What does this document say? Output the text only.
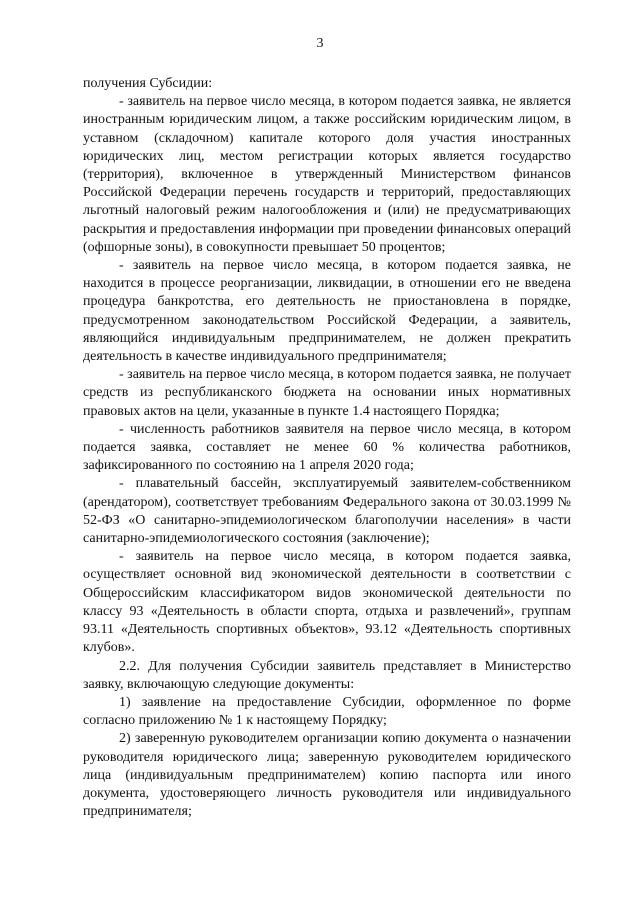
3

получения Субсидии:

- заявитель на первое число месяца, в котором подается заявка, не является иностранным юридическим лицом, а также российским юридическим лицом, в уставном (складочном) капитале которого доля участия иностранных юридических лиц, местом регистрации которых является государство (территория), включенное в утвержденный Министерством финансов Российской Федерации перечень государств и территорий, предоставляющих льготный налоговый режим налогообложения и (или) не предусматривающих раскрытия и предоставления информации при проведении финансовых операций (офшорные зоны), в совокупности превышает 50 процентов;

- заявитель на первое число месяца, в котором подается заявка, не находится в процессе реорганизации, ликвидации, в отношении его не введена процедура банкротства, его деятельность не приостановлена в порядке, предусмотренном законодательством Российской Федерации, а заявитель, являющийся индивидуальным предпринимателем, не должен прекратить деятельность в качестве индивидуального предпринимателя;

- заявитель на первое число месяца, в котором подается заявка, не получает средств из республиканского бюджета на основании иных нормативных правовых актов на цели, указанные в пункте 1.4 настоящего Порядка;

- численность работников заявителя на первое число месяца, в котором подается заявка, составляет не менее 60 % количества работников, зафиксированного по состоянию на 1 апреля 2020 года;

- плавательный бассейн, эксплуатируемый заявителем-собственником (арендатором), соответствует требованиям Федерального закона от 30.03.1999 № 52-ФЗ «О санитарно-эпидемиологическом благополучии населения» в части санитарно-эпидемиологического состояния (заключение);

- заявитель на первое число месяца, в котором подается заявка, осуществляет основной вид экономической деятельности в соответствии с Общероссийским классификатором видов экономической деятельности по классу 93 «Деятельность в области спорта, отдыха и развлечений», группам 93.11 «Деятельность спортивных объектов», 93.12 «Деятельность спортивных клубов».

2.2. Для получения Субсидии заявитель представляет в Министерство заявку, включающую следующие документы:

1) заявление на предоставление Субсидии, оформленное по форме согласно приложению № 1 к настоящему Порядку;

2) заверенную руководителем организации копию документа о назначении руководителя юридического лица; заверенную руководителем юридического лица (индивидуальным предпринимателем) копию паспорта или иного документа, удостоверяющего личность руководителя или индивидуального предпринимателя;
